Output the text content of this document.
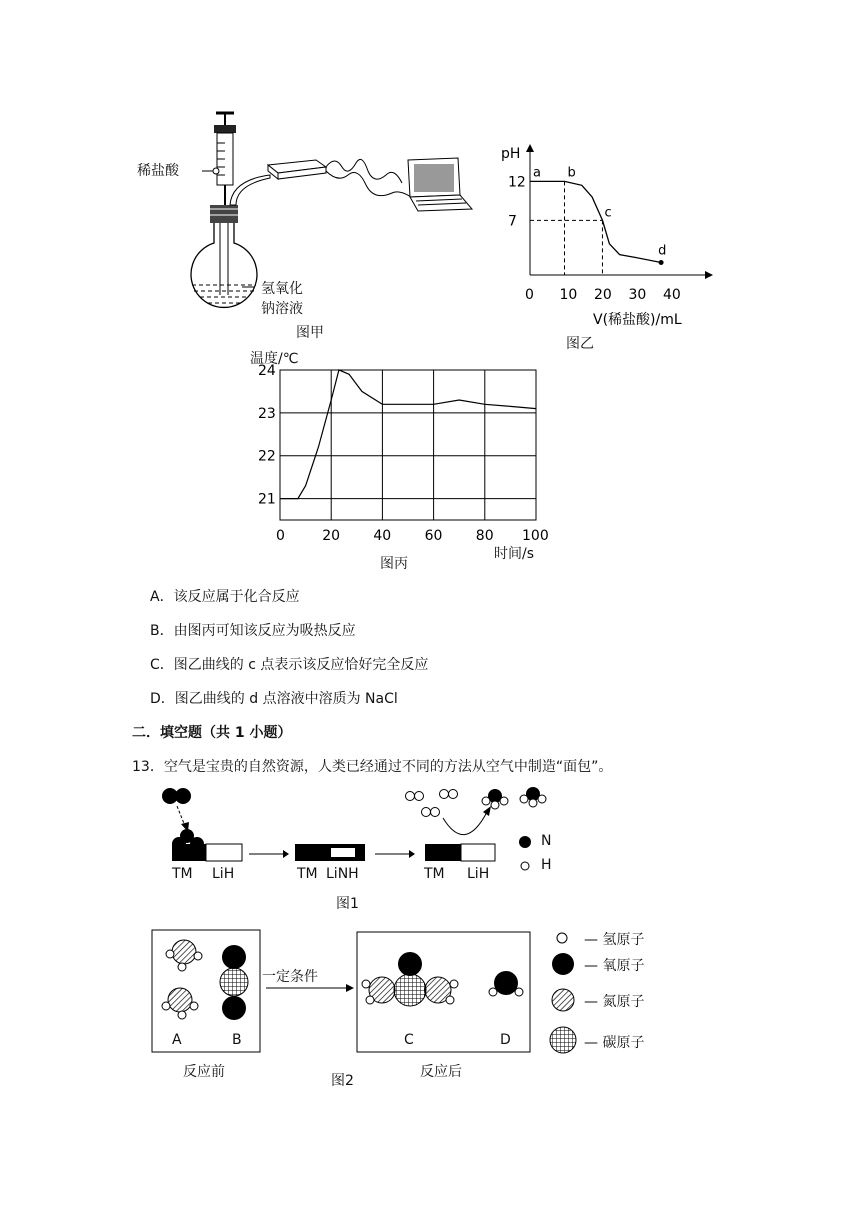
稀盐酸
氢氧化
钠溶液
图甲
pH
V(稀盐酸)/mL
12
7
0 10 20 30 40
a b
c
d
图乙
温度/℃
24
23
22
21
0	20 40 60 80 100
时间/s
图丙
A．该反应属于化合反应
B．由图丙可知该反应为吸热反应
C．图乙曲线的 c 点表示该反应恰好完全反应
D．图乙曲线的 d 点溶液中溶质为 NaCl
二．填空题（共 1 小题）
13．空气是宝贵的自然资源，人类已经通过不同的方法从空气中制造“面包”。
N
H
TM LiH	TM LiNH	TM LiH
图1
一定条件
A	B	C	D
反应前	反应后
图2
— 氢原子
— 氧原子
— 氮原子
— 碳原子
